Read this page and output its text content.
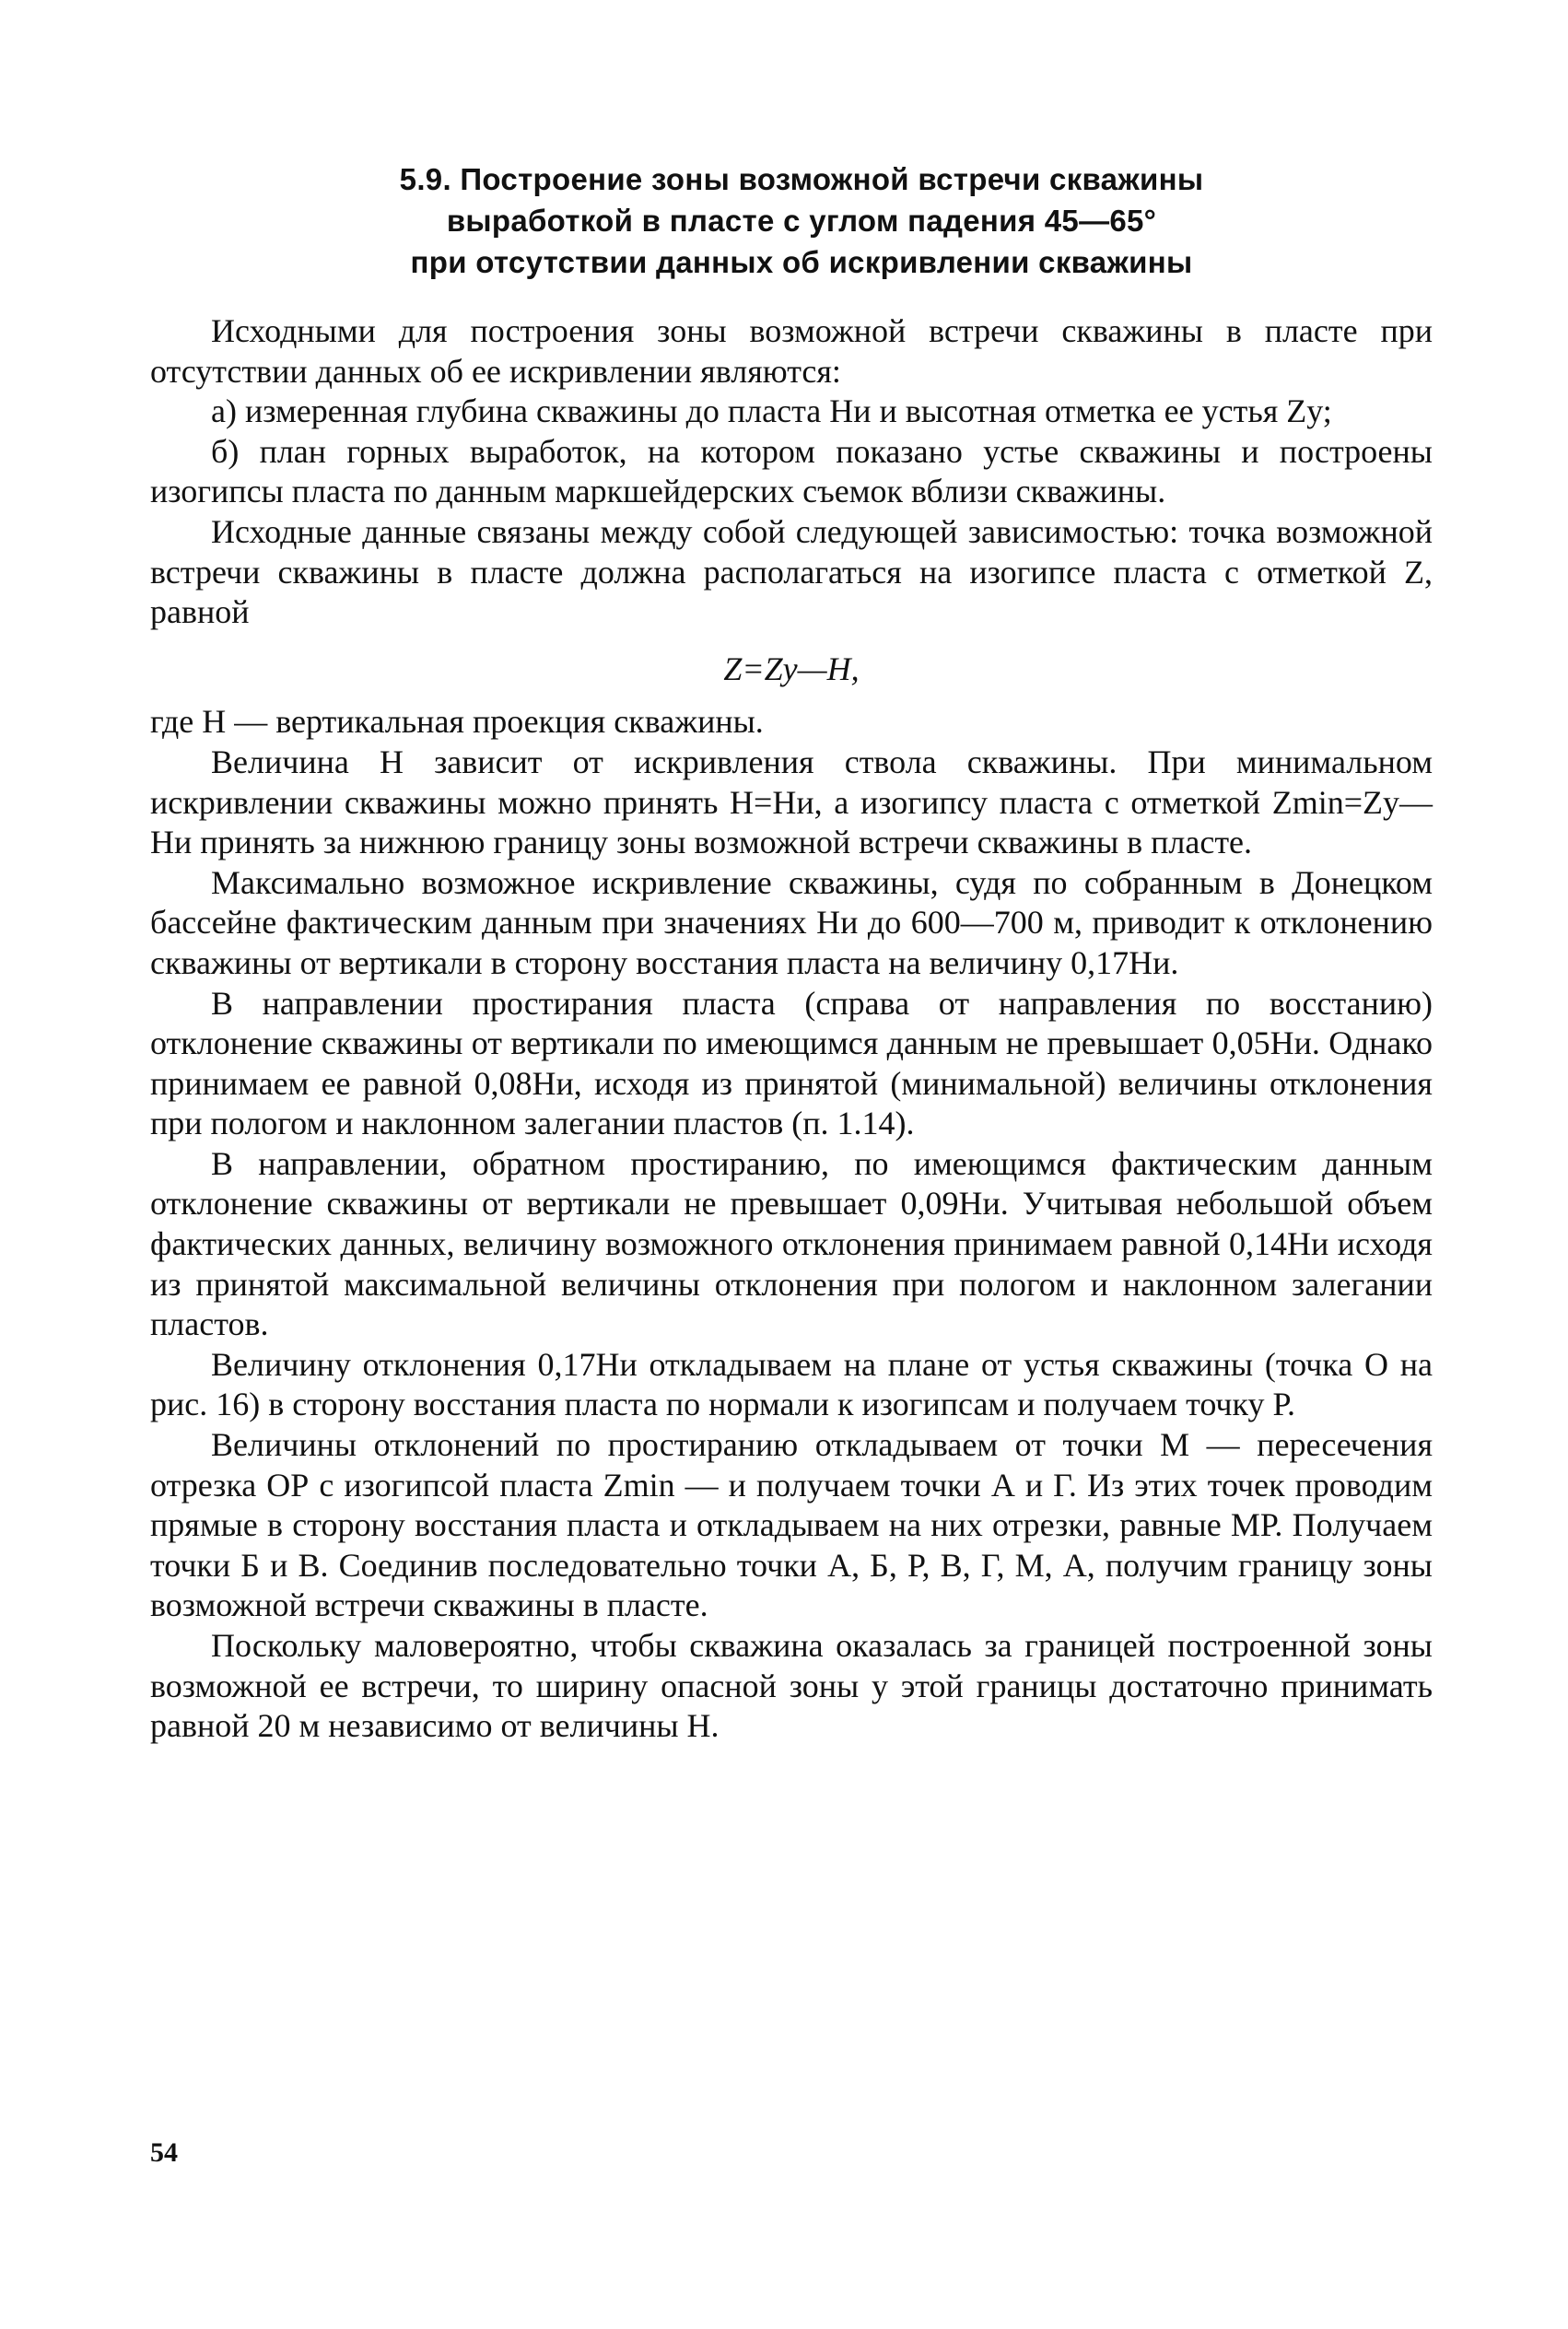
5.9. Построение зоны возможной встречи скважины
выработкой в пласте с углом падения 45—65°
при отсутствии данных об искривлении скважины

Исходными для построения зоны возможной встречи скважины в пласте при отсутствии данных об ее искривлении являются:

а) измеренная глубина скважины до пласта Hи и высотная отметка ее устья Zу;

б) план горных выработок, на котором показано устье скважины и построены изогипсы пласта по данным маркшейдерских съемок вблизи скважины.

Исходные данные связаны между собой следующей зависимостью: точка возможной встречи скважины в пласте должна располагаться на изогипсе пласта с отметкой Z, равной

Z=Zу—H,

где H — вертикальная проекция скважины.

Величина H зависит от искривления ствола скважины. При минимальном искривлении скважины можно принять H=Hи, а изогипсу пласта с отметкой Zmin=Zу—Hи принять за нижнюю границу зоны возможной встречи скважины в пласте.

Максимально возможное искривление скважины, судя по собранным в Донецком бассейне фактическим данным при значениях Hи до 600—700 м, приводит к отклонению скважины от вертикали в сторону восстания пласта на величину 0,17Hи.

В направлении простирания пласта (справа от направления по восстанию) отклонение скважины от вертикали по имеющимся данным не превышает 0,05Hи. Однако принимаем ее равной 0,08Hи, исходя из принятой (минимальной) величины отклонения при пологом и наклонном залегании пластов (п. 1.14).

В направлении, обратном простиранию, по имеющимся фактическим данным отклонение скважины от вертикали не превышает 0,09Hи. Учитывая небольшой объем фактических данных, величину возможного отклонения принимаем равной 0,14Hи исходя из принятой максимальной величины отклонения при пологом и наклонном залегании пластов.

Величину отклонения 0,17Hи откладываем на плане от устья скважины (точка O на рис. 16) в сторону восстания пласта по нормали к изогипсам и получаем точку Р.

Величины отклонений по простиранию откладываем от точки М — пересечения отрезка ОР с изогипсой пласта Zmin — и получаем точки А и Г. Из этих точек проводим прямые в сторону восстания пласта и откладываем на них отрезки, равные МР. Получаем точки Б и В. Соединив последовательно точки А, Б, Р, В, Г, М, А, получим границу зоны возможной встречи скважины в пласте.

Поскольку маловероятно, чтобы скважина оказалась за границей построенной зоны возможной ее встречи, то ширину опасной зоны у этой границы достаточно принимать равной 20 м независимо от величины H.

54
